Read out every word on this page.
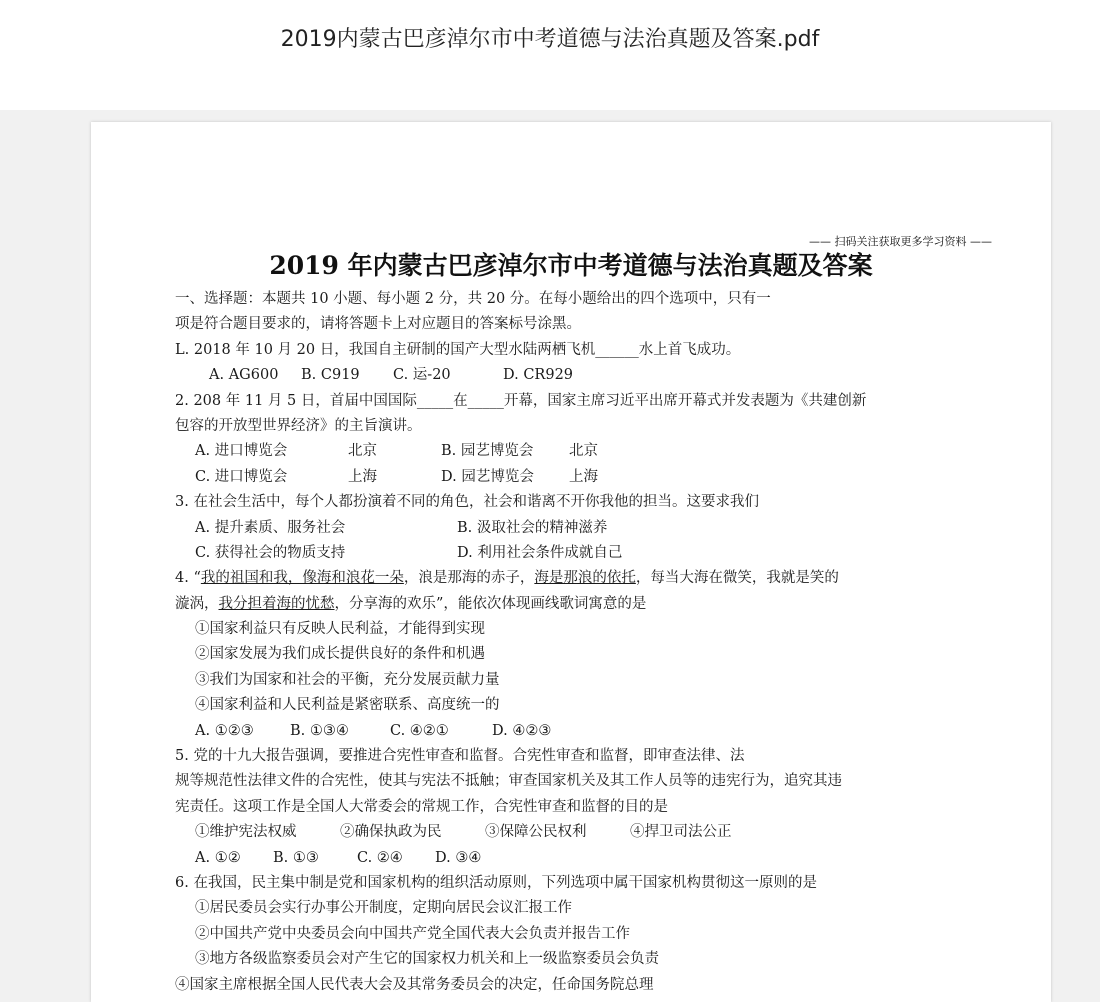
2019内蒙古巴彦淖尔市中考道德与法治真题及答案.pdf
—— 扫码关注获取更多学习资料 ——
2019 年内蒙古巴彦淖尔市中考道德与法治真题及答案
一、选择题：本题共 10 小题、每小题 2 分，共 20 分。在每小题给出的四个选项中，只有一
项是符合题目要求的，请将答题卡上对应题目的答案标号涂黑。
L. 2018 年 10 月 20 日，我国自主研制的国产大型水陆两栖飞机______水上首飞成功。
A. AG600 B. C919 C. 运-20	D. CR929
2. 208 年 11 月 5 日，首届中国国际_____在_____开幕，国家主席习近平出席开幕式并发表题为《共建创新
包容的开放型世界经济》的主旨演讲。
A. 进口博览会	北京	B. 园艺博览会 北京
C. 进口博览会	上海	D. 园艺博览会 上海
3. 在社会生活中，每个人都扮演着不同的角色，社会和谐离不开你我他的担当。这要求我们
A. 提升素质、服务社会	B. 汲取社会的精神滋养
C. 获得社会的物质支持	D. 利用社会条件成就自己
4. “我的祖国和我，像海和浪花一朵，浪是那海的赤子，海是那浪的依托，每当大海在微笑，我就是笑的
漩涡，我分担着海的忧愁，分享海的欢乐”，能依次体现画线歌词寓意的是
①国家利益只有反映人民利益，才能得到实现
②国家发展为我们成长提供良好的条件和机遇
③我们为国家和社会的平衡，充分发展贡献力量
④国家利益和人民利益是紧密联系、高度统一的
A. ①②③	B. ①③④	C. ④②①	D. ④②③
5. 党的十九大报告强调，要推进合宪性审查和监督。合宪性审查和监督，即审查法律、法
规等规范性法律文件的合宪性，使其与宪法不抵触；审查国家机关及其工作人员等的违宪行为，追究其违
宪责任。这项工作是全国人大常委会的常规工作，合宪性审查和监督的目的是
①维护宪法权威	②确保执政为民	③保障公民权利	④捍卫司法公正
A. ①② B. ①③	C. ②④ D. ③④
6. 在我国，民主集中制是党和国家机构的组织活动原则，下列选项中属干国家机构贯彻这一原则的是
①居民委员会实行办事公开制度，定期向居民会议汇报工作
②中国共产党中央委员会向中国共产党全国代表大会负责并报告工作
③地方各级监察委员会对产生它的国家权力机关和上一级监察委员会负责
④国家主席根据全国人民代表大会及其常务委员会的决定，任命国务院总理
